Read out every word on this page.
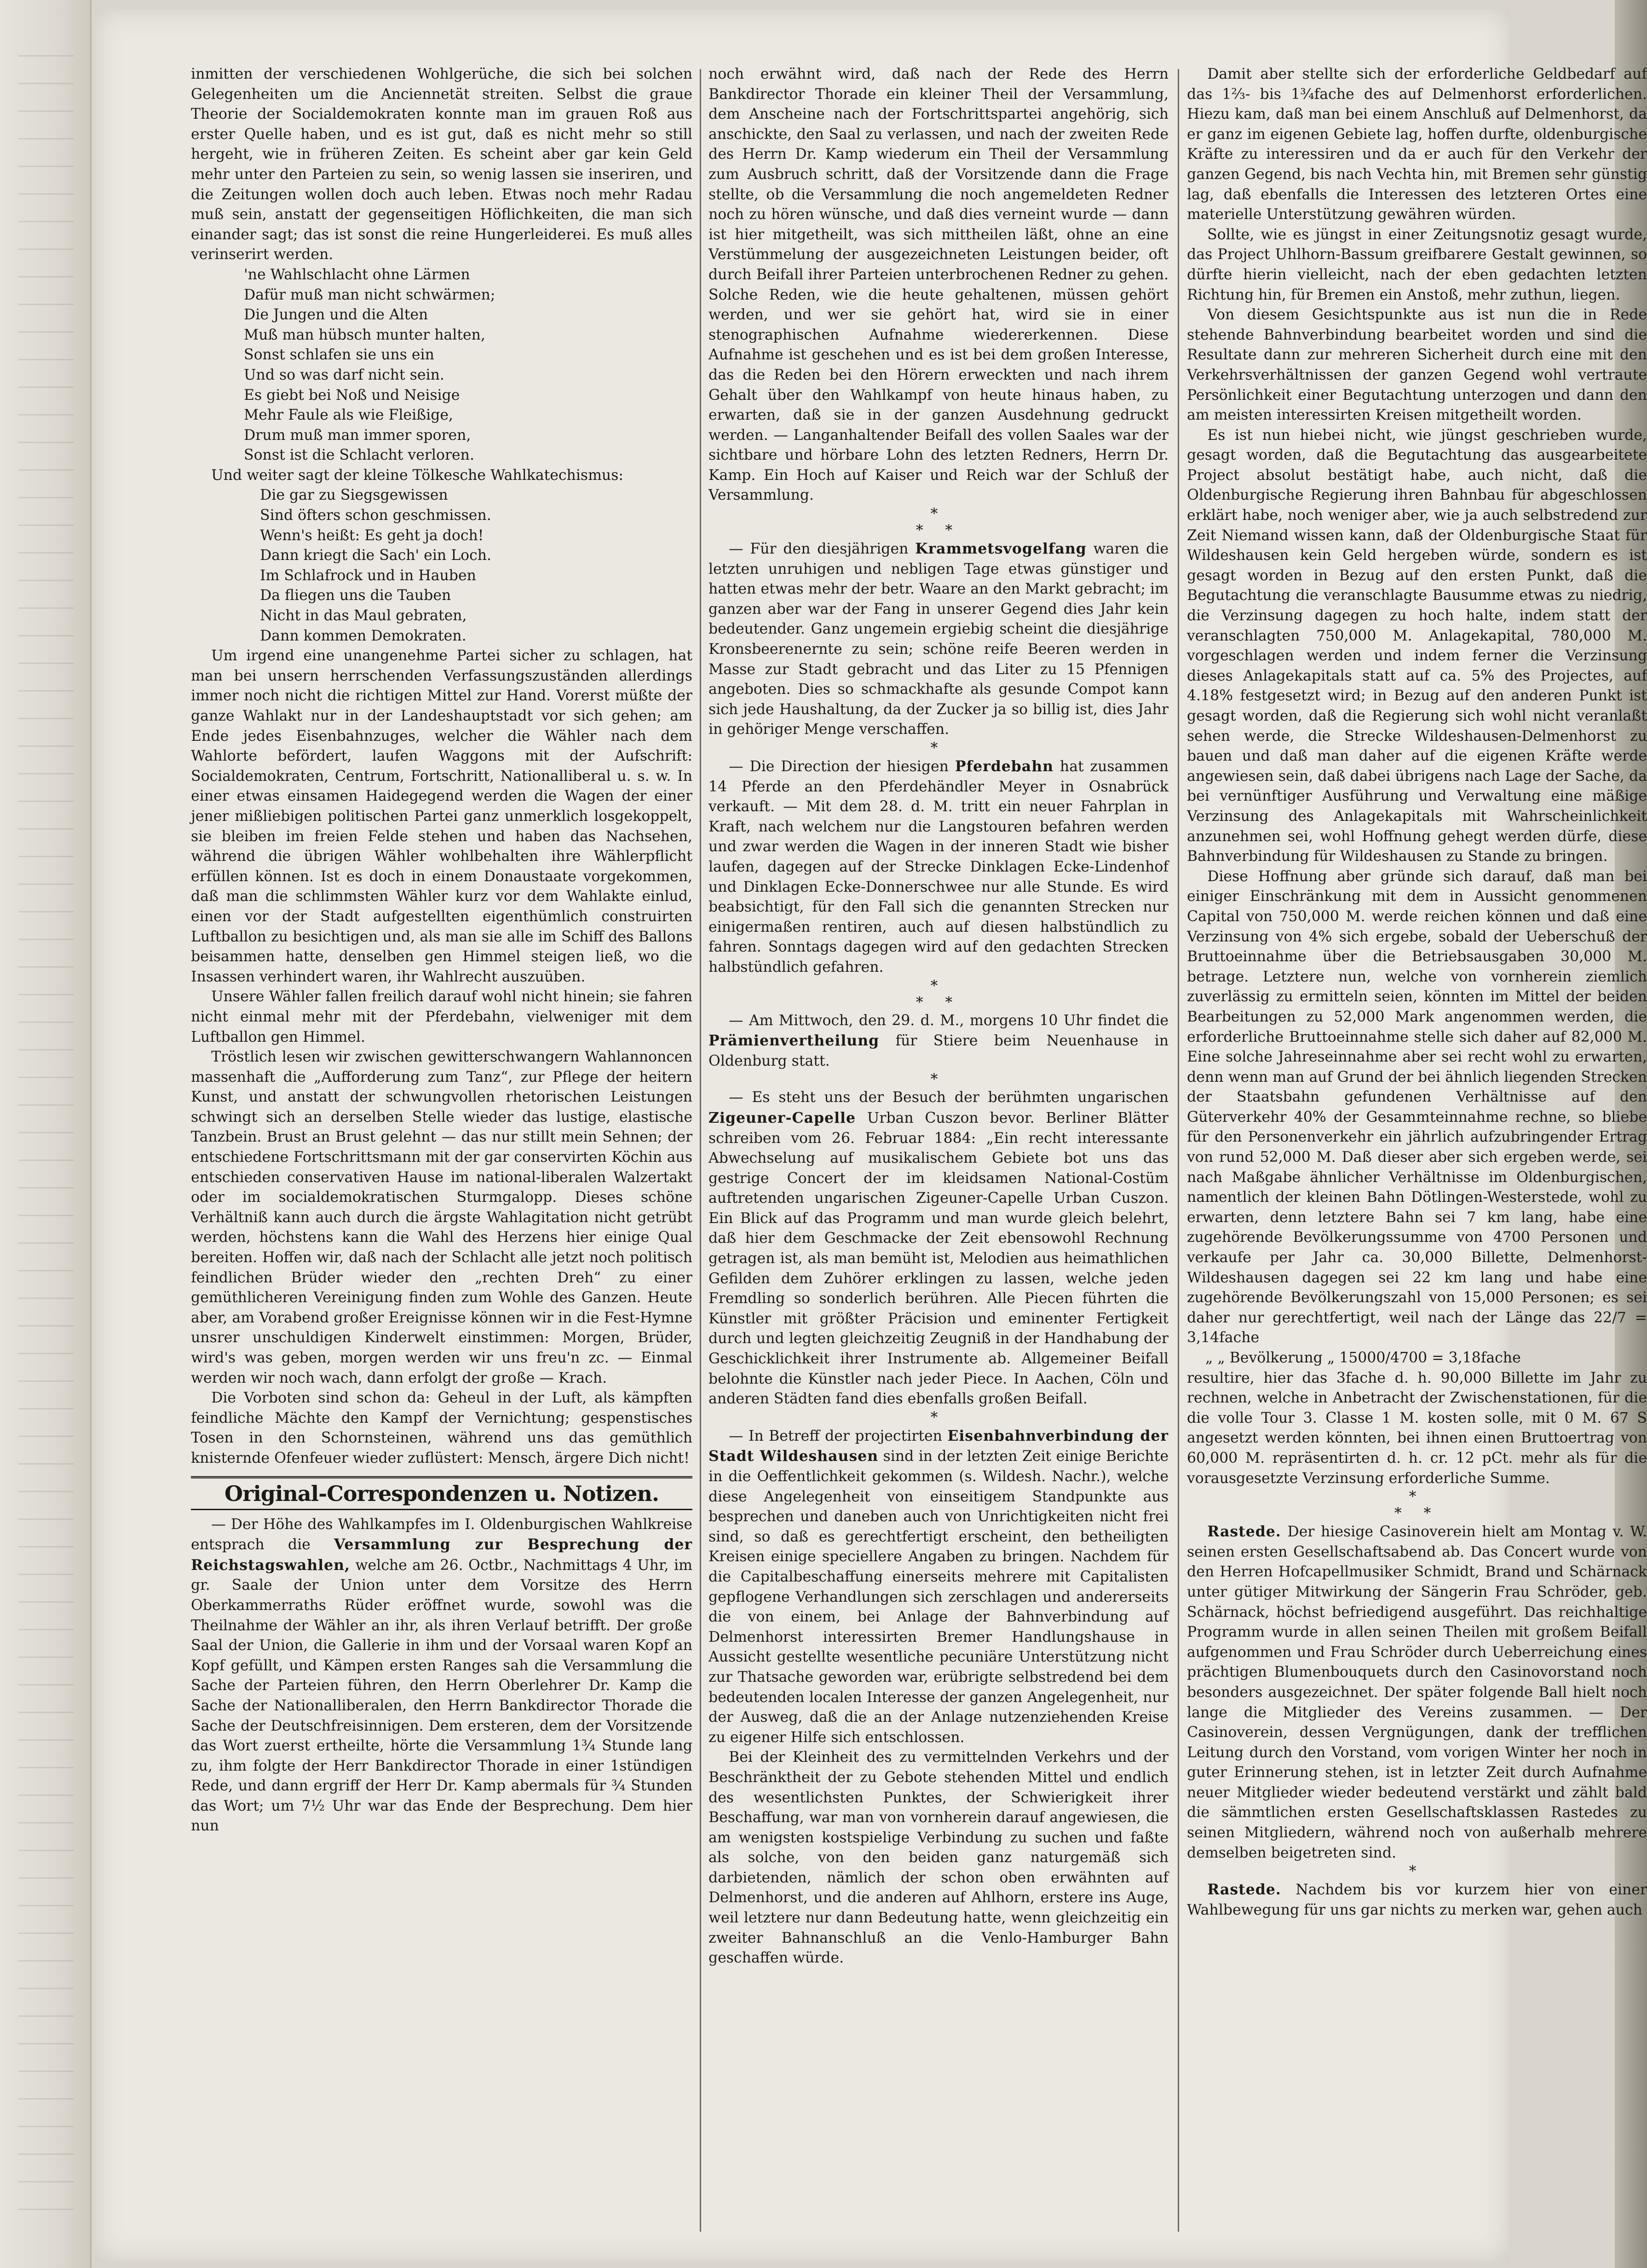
inmitten der verschiedenen Wohlgerüche, die sich bei solchen Gelegenheiten um die Anciennetät streiten. Selbst die graue Theorie der Socialdemokraten konnte man im grauen Roß aus erster Quelle haben, und es ist gut, daß es nicht mehr so still hergeht, wie in früheren Zeiten. Es scheint aber gar kein Geld mehr unter den Parteien zu sein, so wenig lassen sie inseriren, und die Zeitungen wollen doch auch leben. Etwas noch mehr Radau muß sein, anstatt der gegenseitigen Höflichkeiten, die man sich einander sagt; das ist sonst die reine Hungerleiderei. Es muß alles verinserirt werden.

'ne Wahlschlacht ohne Lärmen
Dafür muß man nicht schwärmen;
Die Jungen und die Alten
Muß man hübsch munter halten,
Sonst schlafen sie uns ein
Und so was darf nicht sein.
Es giebt bei Noß und Neisige
Mehr Faule als wie Fleißige,
Drum muß man immer sporen,
Sonst ist die Schlacht verloren.

Und weiter sagt der kleine Tölkesche Wahlkatechismus:

Die gar zu Siegsgewissen
Sind öfters schon geschmissen.
Wenn's heißt: Es geht ja doch!
Dann kriegt die Sach' ein Loch.
Im Schlafrock und in Hauben
Da fliegen uns die Tauben
Nicht in das Maul gebraten,
Dann kommen Demokraten.

Um irgend eine unangenehme Partei sicher zu schlagen, hat man bei unsern herrschenden Verfassungszuständen allerdings immer noch nicht die richtigen Mittel zur Hand. Vorerst müßte der ganze Wahlakt nur in der Landeshauptstadt vor sich gehen; am Ende jedes Eisenbahnzuges, welcher die Wähler nach dem Wahlorte befördert, laufen Waggons mit der Aufschrift: Socialdemokraten, Centrum, Fortschritt, Nationalliberal u. s. w. In einer etwas einsamen Haidegegend werden die Wagen der einer jener mißliebigen politischen Partei ganz unmerklich losgekoppelt, sie bleiben im freien Felde stehen und haben das Nachsehen, während die übrigen Wähler wohlbehalten ihre Wählerpflicht erfüllen können. Ist es doch in einem Donaustaate vorgekommen, daß man die schlimmsten Wähler kurz vor dem Wahlakte einlud, einen vor der Stadt aufgestellten eigenthümlich construirten Luftballon zu besichtigen und, als man sie alle im Schiff des Ballons beisammen hatte, denselben gen Himmel steigen ließ, wo die Insassen verhindert waren, ihr Wahlrecht auszuüben.

Unsere Wähler fallen freilich darauf wohl nicht hinein; sie fahren nicht einmal mehr mit der Pferdebahn, vielweniger mit dem Luftballon gen Himmel.

Tröstlich lesen wir zwischen gewitterschwangern Wahlannoncen massenhaft die „Aufforderung zum Tanz“, zur Pflege der heitern Kunst, und anstatt der schwungvollen rhetorischen Leistungen schwingt sich an derselben Stelle wieder das lustige, elastische Tanzbein. Brust an Brust gelehnt — das nur stillt mein Sehnen; der entschiedene Fortschrittsmann mit der gar conservirten Köchin aus entschieden conservativen Hause im national-liberalen Walzertakt oder im socialdemokratischen Sturmgalopp. Dieses schöne Verhältniß kann auch durch die ärgste Wahlagitation nicht getrübt werden, höchstens kann die Wahl des Herzens hier einige Qual bereiten. Hoffen wir, daß nach der Schlacht alle jetzt noch politisch feindlichen Brüder wieder den „rechten Dreh“ zu einer gemüthlicheren Vereinigung finden zum Wohle des Ganzen. Heute aber, am Vorabend großer Ereignisse können wir in die Fest-Hymne unsrer unschuldigen Kinderwelt einstimmen: Morgen, Brüder, wird's was geben, morgen werden wir uns freu'n zc. — Einmal werden wir noch wach, dann erfolgt der große — Krach.

Die Vorboten sind schon da: Geheul in der Luft, als kämpften feindliche Mächte den Kampf der Vernichtung; gespenstisches Tosen in den Schornsteinen, während uns das gemüthlich knisternde Ofenfeuer wieder zuflüstert: Mensch, ärgere Dich nicht!

Original-Correspondenzen u. Notizen.

— Der Höhe des Wahlkampfes im I. Oldenburgischen Wahlkreise entsprach die Versammlung zur Besprechung der Reichstagswahlen, welche am 26. Octbr., Nachmittags 4 Uhr, im gr. Saale der Union unter dem Vorsitze des Herrn Oberkammerraths Rüder eröffnet wurde, sowohl was die Theilnahme der Wähler an ihr, als ihren Verlauf betrifft. Der große Saal der Union, die Gallerie in ihm und der Vorsaal waren Kopf an Kopf gefüllt, und Kämpen ersten Ranges sah die Versammlung die Sache der Parteien führen, den Herrn Oberlehrer Dr. Kamp die Sache der Nationalliberalen, den Herrn Bankdirector Thorade die Sache der Deutschfreisinnigen. Dem ersteren, dem der Vorsitzende das Wort zuerst ertheilte, hörte die Versammlung 1¾ Stunde lang zu, ihm folgte der Herr Bankdirector Thorade in einer 1stündigen Rede, und dann ergriff der Herr Dr. Kamp abermals für ¾ Stunden das Wort; um 7½ Uhr war das Ende der Besprechung. Dem hier nun

noch erwähnt wird, daß nach der Rede des Herrn Bankdirector Thorade ein kleiner Theil der Versammlung, dem Anscheine nach der Fortschrittspartei angehörig, sich anschickte, den Saal zu verlassen, und nach der zweiten Rede des Herrn Dr. Kamp wiederum ein Theil der Versammlung zum Ausbruch schritt, daß der Vorsitzende dann die Frage stellte, ob die Versammlung die noch angemeldeten Redner noch zu hören wünsche, und daß dies verneint wurde — dann ist hier mitgetheilt, was sich mittheilen läßt, ohne an eine Verstümmelung der ausgezeichneten Leistungen beider, oft durch Beifall ihrer Parteien unterbrochenen Redner zu gehen. Solche Reden, wie die heute gehaltenen, müssen gehört werden, und wer sie gehört hat, wird sie in einer stenographischen Aufnahme wiedererkennen. Diese Aufnahme ist geschehen und es ist bei dem großen Interesse, das die Reden bei den Hörern erweckten und nach ihrem Gehalt über den Wahlkampf von heute hinaus haben, zu erwarten, daß sie in der ganzen Ausdehnung gedruckt werden. — Langanhaltender Beifall des vollen Saales war der sichtbare und hörbare Lohn des letzten Redners, Herrn Dr. Kamp. Ein Hoch auf Kaiser und Reich war der Schluß der Versammlung.

*
* *

— Für den diesjährigen Krammetsvogelfang waren die letzten unruhigen und nebligen Tage etwas günstiger und hatten etwas mehr der betr. Waare an den Markt gebracht; im ganzen aber war der Fang in unserer Gegend dies Jahr kein bedeutender. Ganz ungemein ergiebig scheint die diesjährige Kronsbeerenernte zu sein; schöne reife Beeren werden in Masse zur Stadt gebracht und das Liter zu 15 Pfennigen angeboten. Dies so schmackhafte als gesunde Compot kann sich jede Haushaltung, da der Zucker ja so billig ist, dies Jahr in gehöriger Menge verschaffen.

*

— Die Direction der hiesigen Pferdebahn hat zusammen 14 Pferde an den Pferdehändler Meyer in Osnabrück verkauft. — Mit dem 28. d. M. tritt ein neuer Fahrplan in Kraft, nach welchem nur die Langstouren befahren werden und zwar werden die Wagen in der inneren Stadt wie bisher laufen, dagegen auf der Strecke Dinklagen Ecke-Lindenhof und Dinklagen Ecke-Donnerschwee nur alle Stunde. Es wird beabsichtigt, für den Fall sich die genannten Strecken nur einigermaßen rentiren, auch auf diesen halbstündlich zu fahren. Sonntags dagegen wird auf den gedachten Strecken halbstündlich gefahren.

*
* *

— Am Mittwoch, den 29. d. M., morgens 10 Uhr findet die Prämienvertheilung für Stiere beim Neuenhause in Oldenburg statt.

*

— Es steht uns der Besuch der berühmten ungarischen Zigeuner-Capelle Urban Cuszon bevor. Berliner Blätter schreiben vom 26. Februar 1884: „Ein recht interessante Abwechselung auf musikalischem Gebiete bot uns das gestrige Concert der im kleidsamen National-Costüm auftretenden ungarischen Zigeuner-Capelle Urban Cuszon. Ein Blick auf das Programm und man wurde gleich belehrt, daß hier dem Geschmacke der Zeit ebensowohl Rechnung getragen ist, als man bemüht ist, Melodien aus heimathlichen Gefilden dem Zuhörer erklingen zu lassen, welche jeden Fremdling so sonderlich berühren. Alle Piecen führten die Künstler mit größter Präcision und eminenter Fertigkeit durch und legten gleichzeitig Zeugniß in der Handhabung der Geschicklichkeit ihrer Instrumente ab. Allgemeiner Beifall belohnte die Künstler nach jeder Piece. In Aachen, Cöln und anderen Städten fand dies ebenfalls großen Beifall.

*

— In Betreff der projectirten Eisenbahnverbindung der Stadt Wildeshausen sind in der letzten Zeit einige Berichte in die Oeffentlichkeit gekommen (s. Wildesh. Nachr.), welche diese Angelegenheit von einseitigem Standpunkte aus besprechen und daneben auch von Unrichtigkeiten nicht frei sind, so daß es gerechtfertigt erscheint, den betheiligten Kreisen einige speciellere Angaben zu bringen. Nachdem für die Capitalbeschaffung einerseits mehrere mit Capitalisten gepflogene Verhandlungen sich zerschlagen und andererseits die von einem, bei Anlage der Bahnverbindung auf Delmenhorst interessirten Bremer Handlungshause in Aussicht gestellte wesentliche pecuniäre Unterstützung nicht zur Thatsache geworden war, erübrigte selbstredend bei dem bedeutenden localen Interesse der ganzen Angelegenheit, nur der Ausweg, daß die an der Anlage nutzenziehenden Kreise zu eigener Hilfe sich entschlossen.

Bei der Kleinheit des zu vermittelnden Verkehrs und der Beschränktheit der zu Gebote stehenden Mittel und endlich des wesentlichsten Punktes, der Schwierigkeit ihrer Beschaffung, war man von vornherein darauf angewiesen, die am wenigsten kostspielige Verbindung zu suchen und faßte als solche, von den beiden ganz naturgemäß sich darbietenden, nämlich der schon oben erwähnten auf Delmenhorst, und die anderen auf Ahlhorn, erstere ins Auge, weil letztere nur dann Bedeutung hatte, wenn gleichzeitig ein zweiter Bahnanschluß an die Venlo-Hamburger Bahn geschaffen würde.

Damit aber stellte sich der erforderliche Geldbedarf auf das 1⅔- bis 1¾fache des auf Delmenhorst erforderlichen. Hiezu kam, daß man bei einem Anschluß auf Delmenhorst, da er ganz im eigenen Gebiete lag, hoffen durfte, oldenburgische Kräfte zu interessiren und da er auch für den Verkehr der ganzen Gegend, bis nach Vechta hin, mit Bremen sehr günstig lag, daß ebenfalls die Interessen des letzteren Ortes eine materielle Unterstützung gewähren würden.

Sollte, wie es jüngst in einer Zeitungsnotiz gesagt wurde, das Project Uhlhorn-Bassum greifbarere Gestalt gewinnen, so dürfte hierin vielleicht, nach der eben gedachten letzten Richtung hin, für Bremen ein Anstoß, mehr zuthun, liegen.

Von diesem Gesichtspunkte aus ist nun die in Rede stehende Bahnverbindung bearbeitet worden und sind die Resultate dann zur mehreren Sicherheit durch eine mit den Verkehrsverhältnissen der ganzen Gegend wohl vertraute Persönlichkeit einer Begutachtung unterzogen und dann den am meisten interessirten Kreisen mitgetheilt worden.

Es ist nun hiebei nicht, wie jüngst geschrieben wurde, gesagt worden, daß die Begutachtung das ausgearbeitete Project absolut bestätigt habe, auch nicht, daß die Oldenburgische Regierung ihren Bahnbau für abgeschlossen erklärt habe, noch weniger aber, wie ja auch selbstredend zur Zeit Niemand wissen kann, daß der Oldenburgische Staat für Wildeshausen kein Geld hergeben würde, sondern es ist gesagt worden in Bezug auf den ersten Punkt, daß die Begutachtung die veranschlagte Bausumme etwas zu niedrig, die Verzinsung dagegen zu hoch halte, indem statt der veranschlagten 750,000 M. Anlagekapital, 780,000 M. vorgeschlagen werden und indem ferner die Verzinsung dieses Anlagekapitals statt auf ca. 5% des Projectes, auf 4.18% festgesetzt wird; in Bezug auf den anderen Punkt ist gesagt worden, daß die Regierung sich wohl nicht veranlaßt sehen werde, die Strecke Wildeshausen-Delmenhorst zu bauen und daß man daher auf die eigenen Kräfte werde angewiesen sein, daß dabei übrigens nach Lage der Sache, da bei vernünftiger Ausführung und Verwaltung eine mäßige Verzinsung des Anlagekapitals mit Wahrscheinlichkeit anzunehmen sei, wohl Hoffnung gehegt werden dürfe, diese Bahnverbindung für Wildeshausen zu Stande zu bringen.

Diese Hoffnung aber gründe sich darauf, daß man bei einiger Einschränkung mit dem in Aussicht genommenen Capital von 750,000 M. werde reichen können und daß eine Verzinsung von 4% sich ergebe, sobald der Ueberschuß der Bruttoeinnahme über die Betriebsausgaben 30,000 M. betrage. Letztere nun, welche von vornherein ziemlich zuverlässig zu ermitteln seien, könnten im Mittel der beiden Bearbeitungen zu 52,000 Mark angenommen werden, die erforderliche Bruttoeinnahme stelle sich daher auf 82,000 M. Eine solche Jahreseinnahme aber sei recht wohl zu erwarten, denn wenn man auf Grund der bei ähnlich liegenden Strecken der Staatsbahn gefundenen Verhältnisse auf den Güterverkehr 40% der Gesammteinnahme rechne, so bliebe für den Personenverkehr ein jährlich aufzubringender Ertrag von rund 52,000 M. Daß dieser aber sich ergeben werde, sei nach Maßgabe ähnlicher Verhältnisse im Oldenburgischen, namentlich der kleinen Bahn Dötlingen-Westerstede, wohl zu erwarten, denn letztere Bahn sei 7 km lang, habe eine zugehörende Bevölkerungssumme von 4700 Personen und verkaufe per Jahr ca. 30,000 Billette, Delmenhorst-Wildeshausen dagegen sei 22 km lang und habe eine zugehörende Bevölkerungszahl von 15,000 Personen; es sei daher nur gerechtfertigt, weil nach der Länge das 22/7 = 3,14fache

„ „ Bevölkerung „ 15000/4700 = 3,18fache

resultire, hier das 3fache d. h. 90,000 Billette im Jahr zu rechnen, welche in Anbetracht der Zwischenstationen, für die die volle Tour 3. Classe 1 M. kosten solle, mit 0 M. 67 S angesetzt werden könnten, bei ihnen einen Bruttoertrag von 60,000 M. repräsentirten d. h. cr. 12 pCt. mehr als für die vorausgesetzte Verzinsung erforderliche Summe.

*
* *

Rastede. Der hiesige Casinoverein hielt am Montag v. W. seinen ersten Gesellschaftsabend ab. Das Concert wurde von den Herren Hofcapellmusiker Schmidt, Brand und Schärnack unter gütiger Mitwirkung der Sängerin Frau Schröder, geb. Schärnack, höchst befriedigend ausgeführt. Das reichhaltige Programm wurde in allen seinen Theilen mit großem Beifall aufgenommen und Frau Schröder durch Ueberreichung eines prächtigen Blumenbouquets durch den Casinovorstand noch besonders ausgezeichnet. Der später folgende Ball hielt noch lange die Mitglieder des Vereins zusammen. — Der Casinoverein, dessen Vergnügungen, dank der trefflichen Leitung durch den Vorstand, vom vorigen Winter her noch in guter Erinnerung stehen, ist in letzter Zeit durch Aufnahme neuer Mitglieder wieder bedeutend verstärkt und zählt bald die sämmtlichen ersten Gesellschaftsklassen Rastedes zu seinen Mitgliedern, während noch von außerhalb mehrere demselben beigetreten sind.

*

Rastede. Nachdem bis vor kurzem hier von einer Wahlbewegung für uns gar nichts zu merken war, gehen auch
